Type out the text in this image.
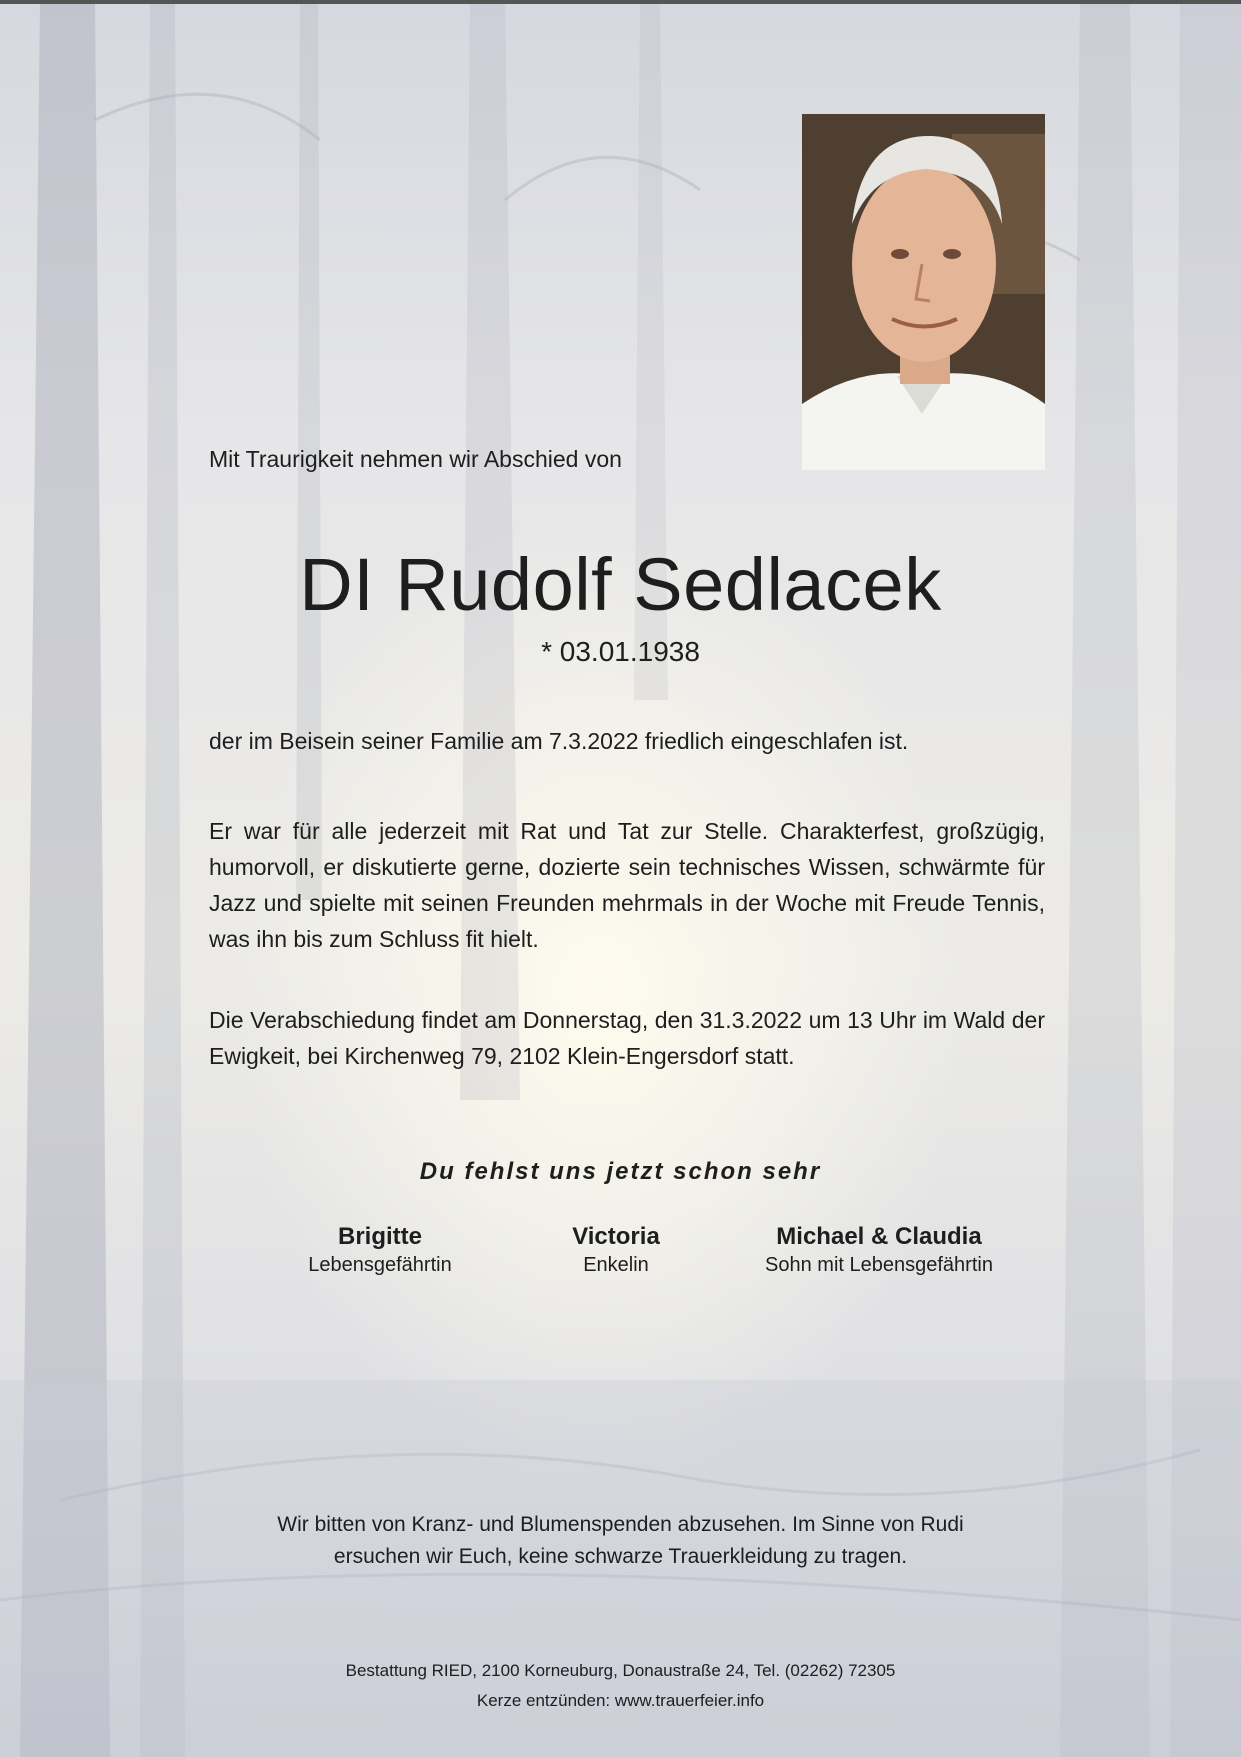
Mit Traurigkeit nehmen wir Abschied von
DI Rudolf Sedlacek
* 03.01.1938
der im Beisein seiner Familie am 7.3.2022 friedlich eingeschlafen ist.
Er war für alle jederzeit mit Rat und Tat zur Stelle. Charakterfest, großzügig, humorvoll, er diskutierte gerne, dozierte sein technisches Wissen, schwärmte für Jazz und spielte mit seinen Freunden mehrmals in der Woche mit Freude Tennis, was ihn bis zum Schluss fit hielt.
Die Verabschiedung findet am Donnerstag, den 31.3.2022 um 13 Uhr im Wald der Ewigkeit, bei Kirchenweg 79, 2102 Klein-Engersdorf statt.
Du fehlst uns jetzt schon sehr
Brigitte
Lebensgefährtin
Victoria
Enkelin
Michael & Claudia
Sohn mit Lebensgefährtin
Wir bitten von Kranz- und Blumenspenden abzusehen. Im Sinne von Rudi
ersuchen wir Euch, keine schwarze Trauerkleidung zu tragen.
Bestattung RIED, 2100 Korneuburg, Donaustraße 24, Tel. (02262) 72305
Kerze entzünden: www.trauerfeier.info
